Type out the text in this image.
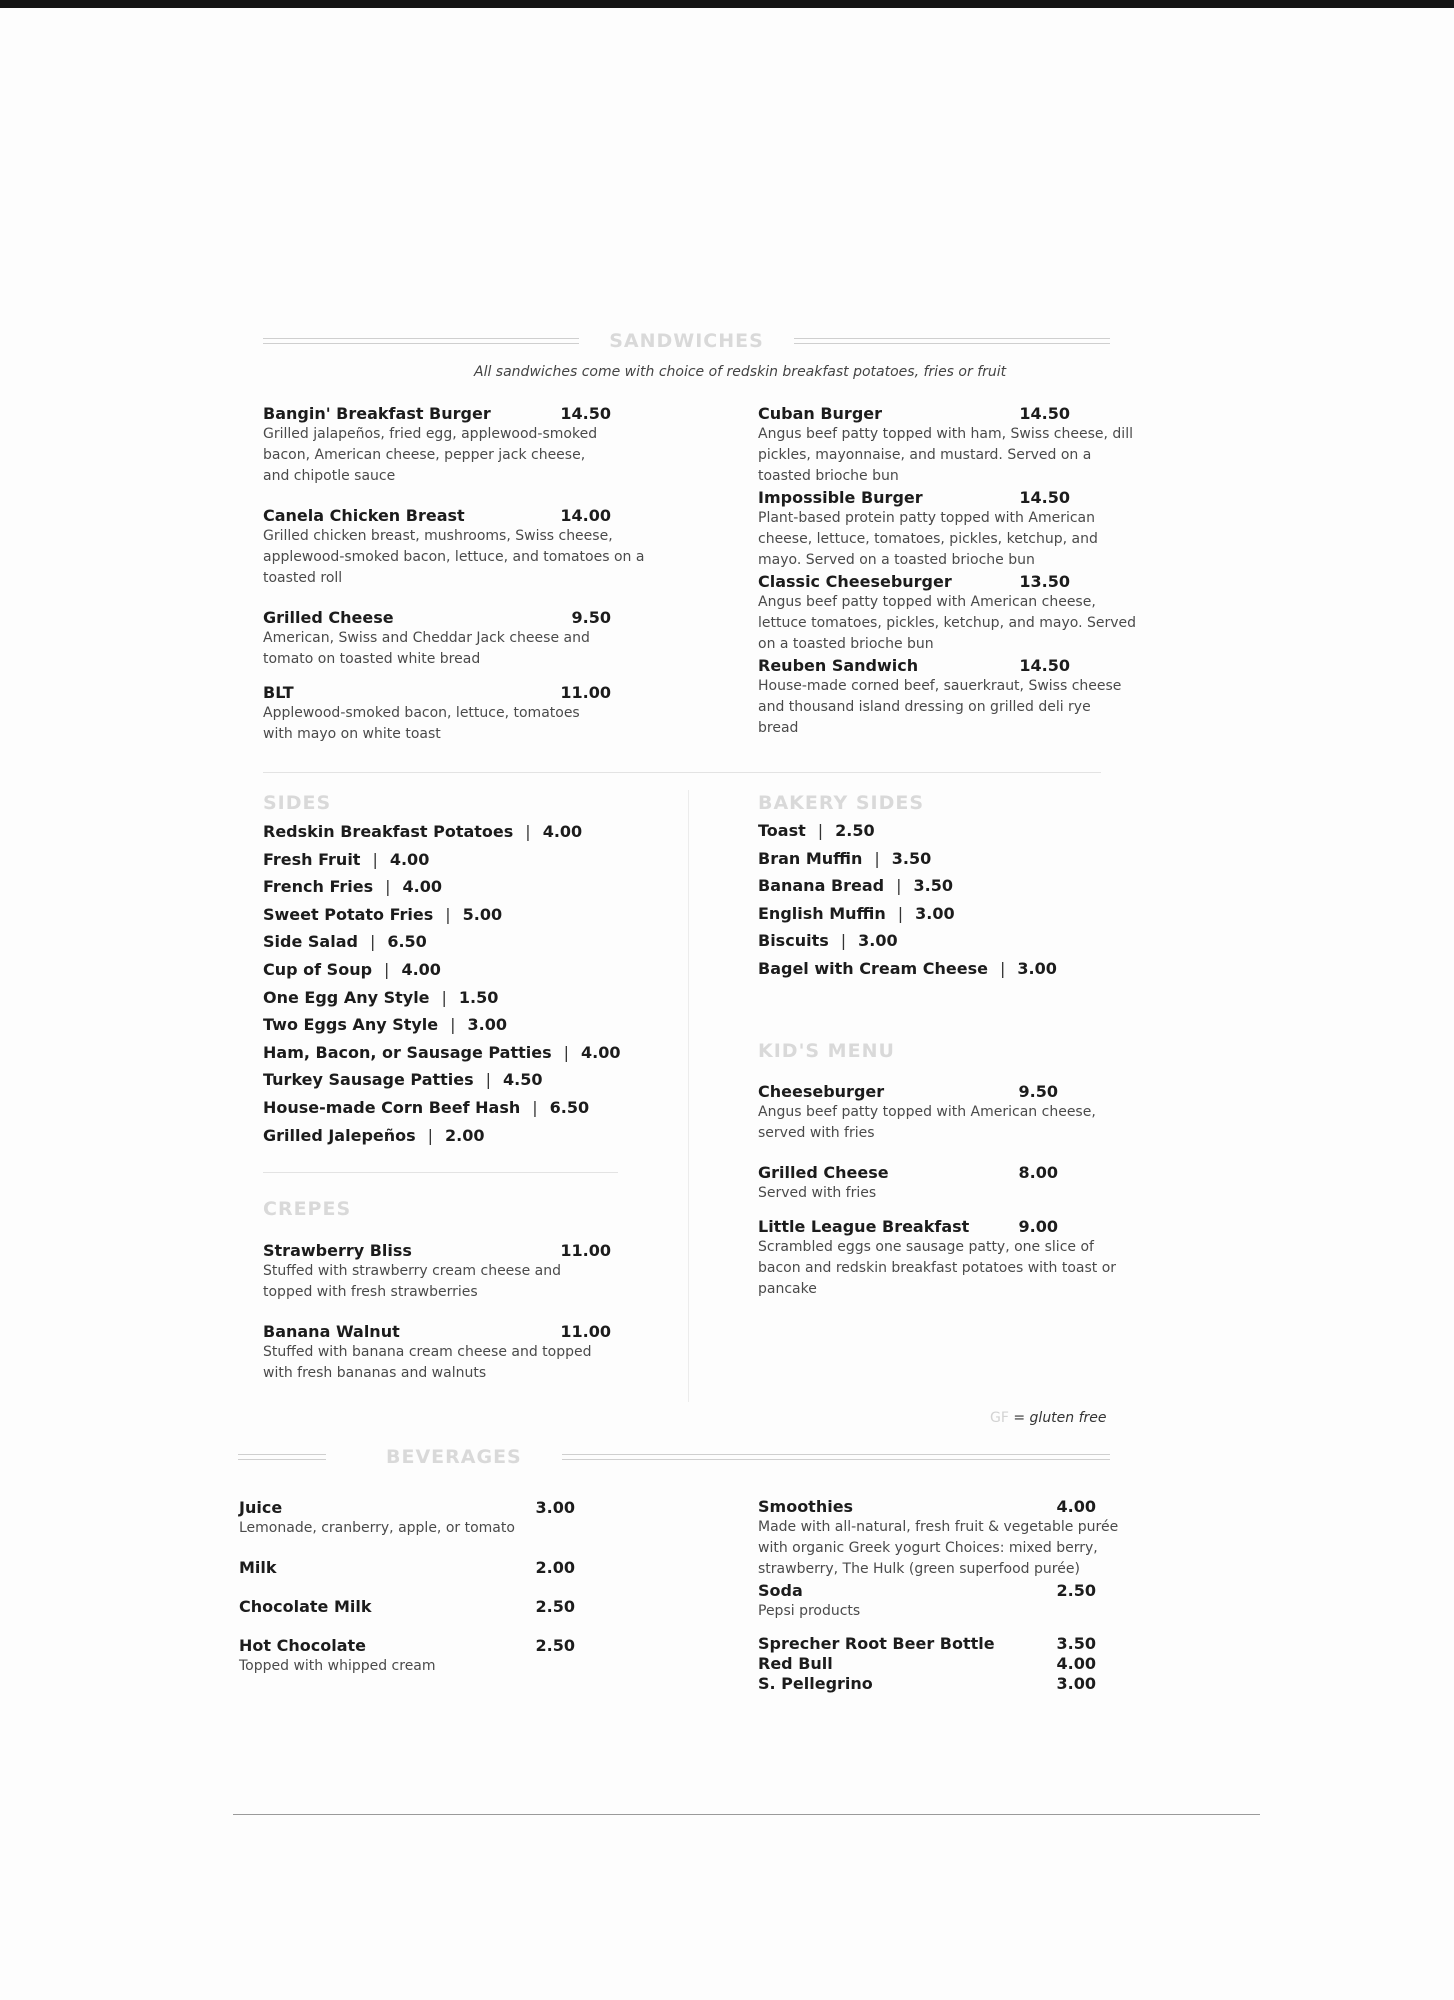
SANDWICHES
All sandwiches come with choice of redskin breakfast potatoes, fries or fruit
Bangin' Breakfast Burger	14.50
Grilled jalapeños, fried egg, applewood-smoked bacon, American cheese, pepper jack cheese, and chipotle sauce
Canela Chicken Breast	14.00
Grilled chicken breast, mushrooms, Swiss cheese, applewood-smoked bacon, lettuce, and tomatoes on a toasted roll
Grilled Cheese	9.50
American, Swiss and Cheddar Jack cheese and tomato on toasted white bread
BLT	11.00
Applewood-smoked bacon, lettuce, tomatoes with mayo on white toast
Cuban Burger	14.50
Angus beef patty topped with ham, Swiss cheese, dill pickles, mayonnaise, and mustard. Served on a toasted brioche bun
Impossible Burger	14.50
Plant-based protein patty topped with American cheese, lettuce, tomatoes, pickles, ketchup, and mayo. Served on a toasted brioche bun
Classic Cheeseburger	13.50
Angus beef patty topped with American cheese, lettuce tomatoes, pickles, ketchup, and mayo. Served on a toasted brioche bun
Reuben Sandwich	14.50
House-made corned beef, sauerkraut, Swiss cheese and thousand island dressing on grilled deli rye bread
SIDES
Redskin Breakfast Potatoes | 4.00
Fresh Fruit | 4.00
French Fries | 4.00
Sweet Potato Fries | 5.00
Side Salad | 6.50
Cup of Soup | 4.00
One Egg Any Style | 1.50
Two Eggs Any Style | 3.00
Ham, Bacon, or Sausage Patties | 4.00
Turkey Sausage Patties | 4.50
House-made Corn Beef Hash | 6.50
Grilled Jalepeños | 2.00
BAKERY SIDES
Toast | 2.50
Bran Muffin | 3.50
Banana Bread | 3.50
English Muffin | 3.00
Biscuits | 3.00
Bagel with Cream Cheese | 3.00
CREPES
Strawberry Bliss	11.00
Stuffed with strawberry cream cheese and topped with fresh strawberries
Banana Walnut	11.00
Stuffed with banana cream cheese and topped with fresh bananas and walnuts
KID'S MENU
Cheeseburger	9.50
Angus beef patty topped with American cheese, served with fries
Grilled Cheese	8.00
Served with fries
Little League Breakfast	9.00
Scrambled eggs one sausage patty, one slice of bacon and redskin breakfast potatoes with toast or pancake
GF = gluten free
BEVERAGES
Juice	3.00
Lemonade, cranberry, apple, or tomato
Milk	2.00
Chocolate Milk	2.50
Hot Chocolate	2.50
Topped with whipped cream
Smoothies	4.00
Made with all-natural, fresh fruit & vegetable purée with organic Greek yogurt Choices: mixed berry, strawberry, The Hulk (green superfood purée)
Soda	2.50
Pepsi products
Sprecher Root Beer Bottle	3.50
Red Bull	4.00
S. Pellegrino	3.00
